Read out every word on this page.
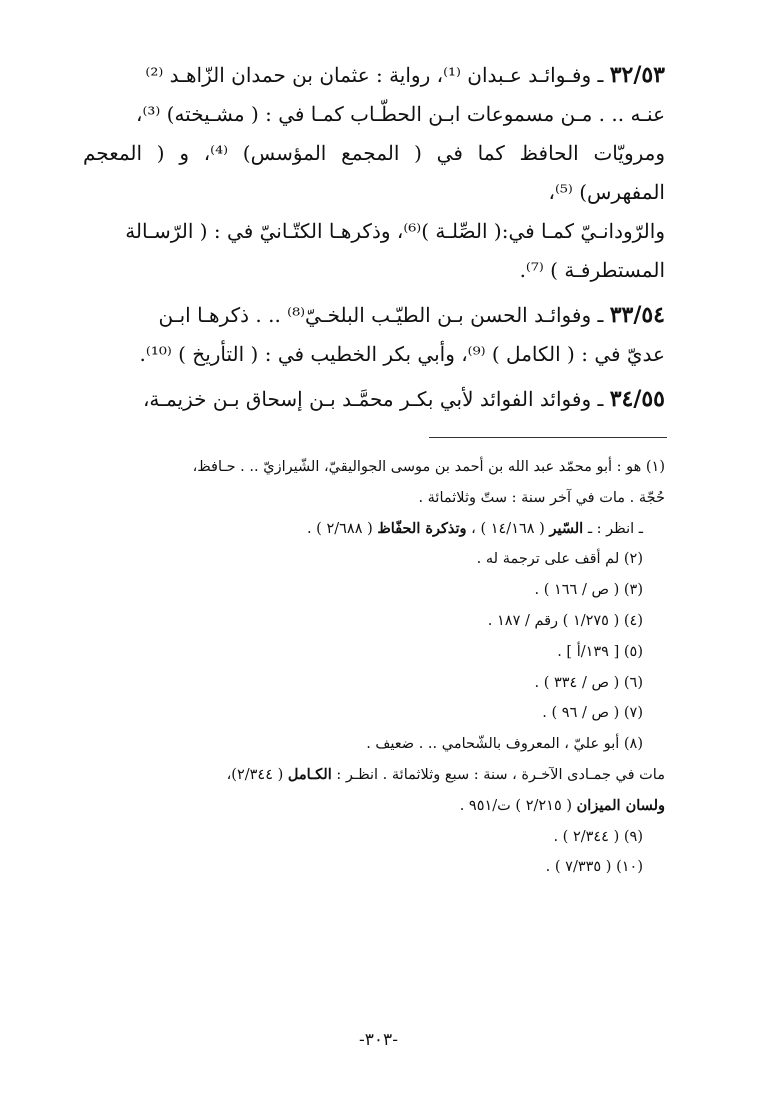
٣٢/٥٣ ـ وفـوائـد عـبدان ⁽¹⁾، رواية : عثمان بن حمدان الزّاهـد ⁽²⁾

عنـه .. . مـن مسموعات ابـن الحطّـاب كمـا في : ( مشـيخته) ⁽³⁾،

ومرويّات الحافظ كما في ( المجمع المؤسس) ⁽⁴⁾، و ( المعجم المفهرس) ⁽⁵⁾،

والرّودانـيّ كمـا في:( الصِّلـة )⁽⁶⁾، وذكرهـا الكتّـانيّ في : ( الرّسـالة

المستطرفـة ) ⁽⁷⁾.

٣٣/٥٤ ـ وفوائـد الحسن بـن الطيّـب البلخـيّ⁽⁸⁾ .. . ذكرهـا ابـن

عديّ في : ( الكامل ) ⁽⁹⁾، وأبي بكر الخطيب في : ( التأريخ ) ⁽¹⁰⁾.

٣٤/٥٥ ـ وفوائد الفوائد لأبي بكـر محمَّـد بـن إسحاق بـن خزيمـة،

(١) هو : أبو محمّد عبد الله بن أحمد بن موسى الجواليقيّ، الشّيرازيّ .. . حـافظ،

حُجّة . مات في آخر سنة : ستّ وثلاثمائة .

ـ انظر : ـ السّير ( ١٤/١٦٨ ) ، وتذكرة الحفّاظ ( ٢/٦٨٨ ) .

(٢) لم أقف على ترجمة له .

(٣) ( ص / ١٦٦ ) .

(٤) ( ١/٢٧٥ ) رقم / ١٨٧ .

(٥) [ ١٣٩/أ ] .

(٦) ( ص / ٣٣٤ ) .

(٧) ( ص / ٩٦ ) .

(٨) أبو عليّ ، المعروف بالشّحامي .. . ضعيف .

مات في جمـادى الآخـرة ، سنة : سبع وثلاثمائة . انظـر : الكـامل ( ٢/٣٤٤)،

ولسان الميزان ( ٢/٢١٥ ) ت/٩٥١ .

(٩) ( ٢/٣٤٤ ) .

(١٠) ( ٧/٣٣٥ ) .

-٣٠٣-
